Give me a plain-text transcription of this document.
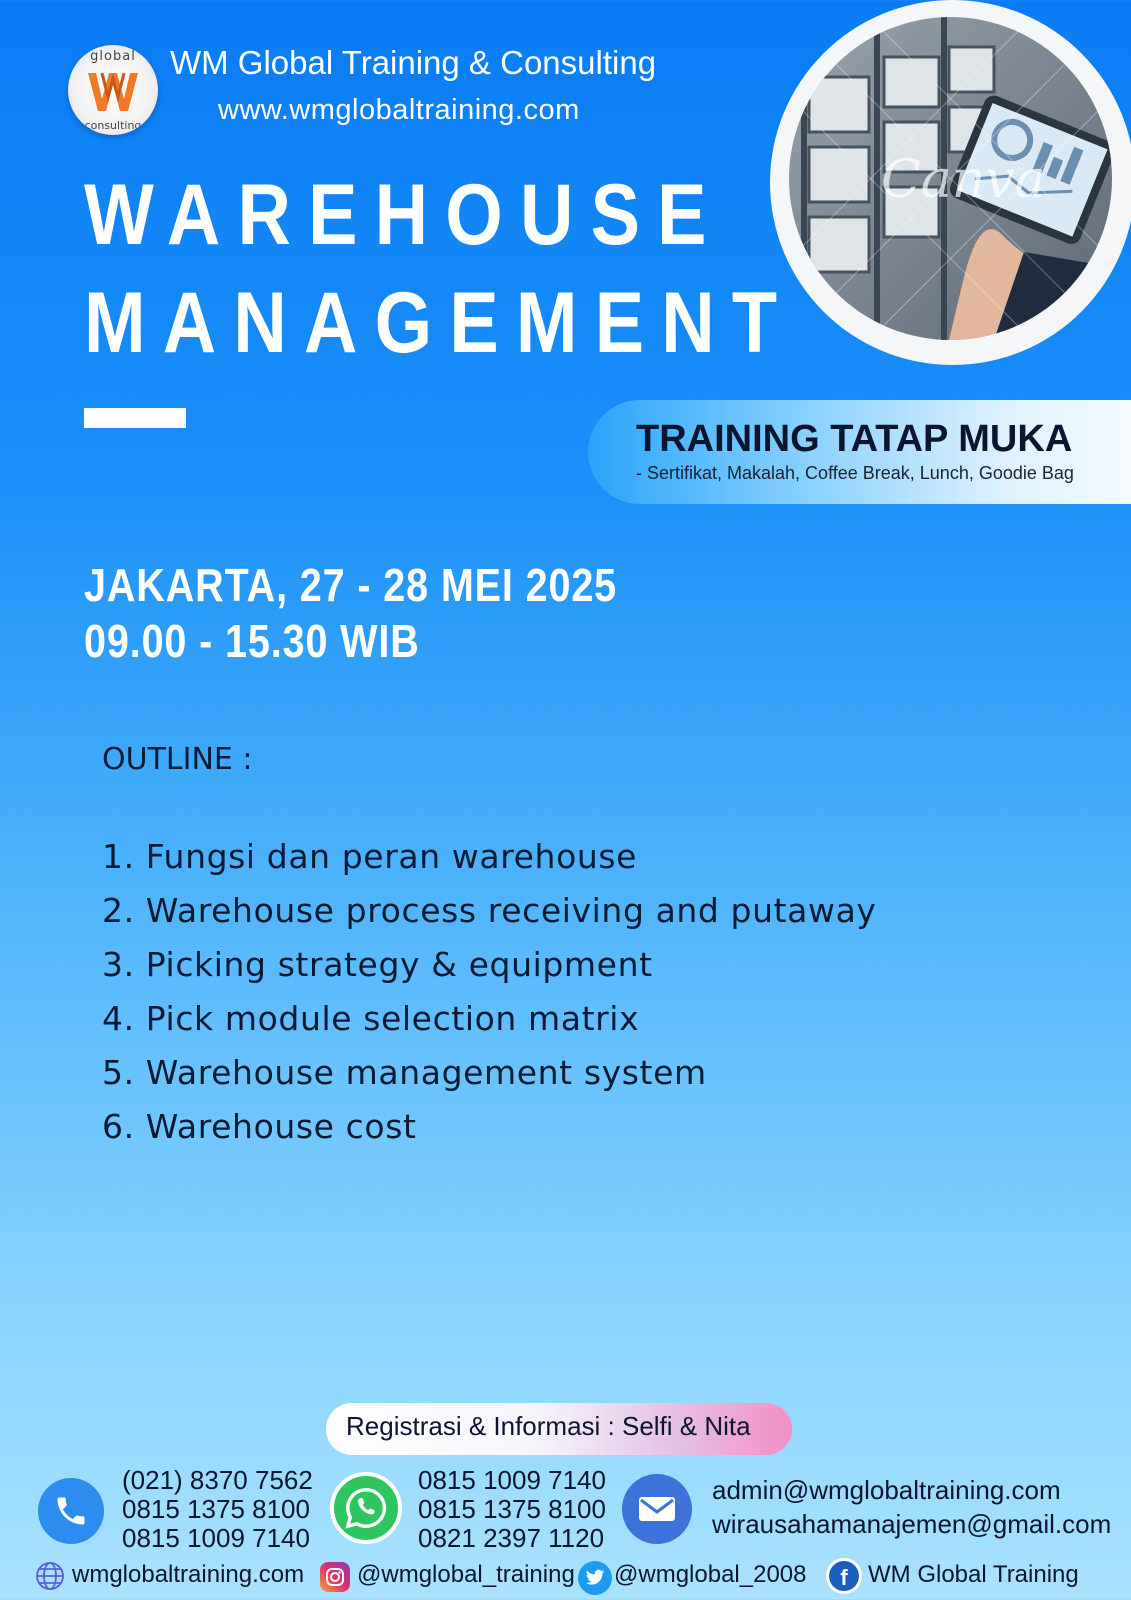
global
consulting
WM Global Training & Consulting
www.wmglobaltraining.com
WAREHOUSE
MANAGEMENT
Canva
TRAINING TATAP MUKA
- Sertifikat, Makalah, Coffee Break, Lunch, Goodie Bag
JAKARTA, 27 - 28 MEI 2025
09.00 - 15.30 WIB
OUTLINE :
1. Fungsi dan peran warehouse
2. Warehouse process receiving and putaway
3. Picking strategy & equipment
4. Pick module selection matrix
5. Warehouse management system
6. Warehouse cost
Registrasi & Informasi : Selfi & Nita
(021) 8370 7562
0815 1375 8100
0815 1009 7140
0815 1009 7140
0815 1375 8100
0821 2397 1120
admin@wmglobaltraining.com
wirausahamanajemen@gmail.com
wmglobaltraining.com @wmglobal_training @wmglobal_2008	f WM Global Training
